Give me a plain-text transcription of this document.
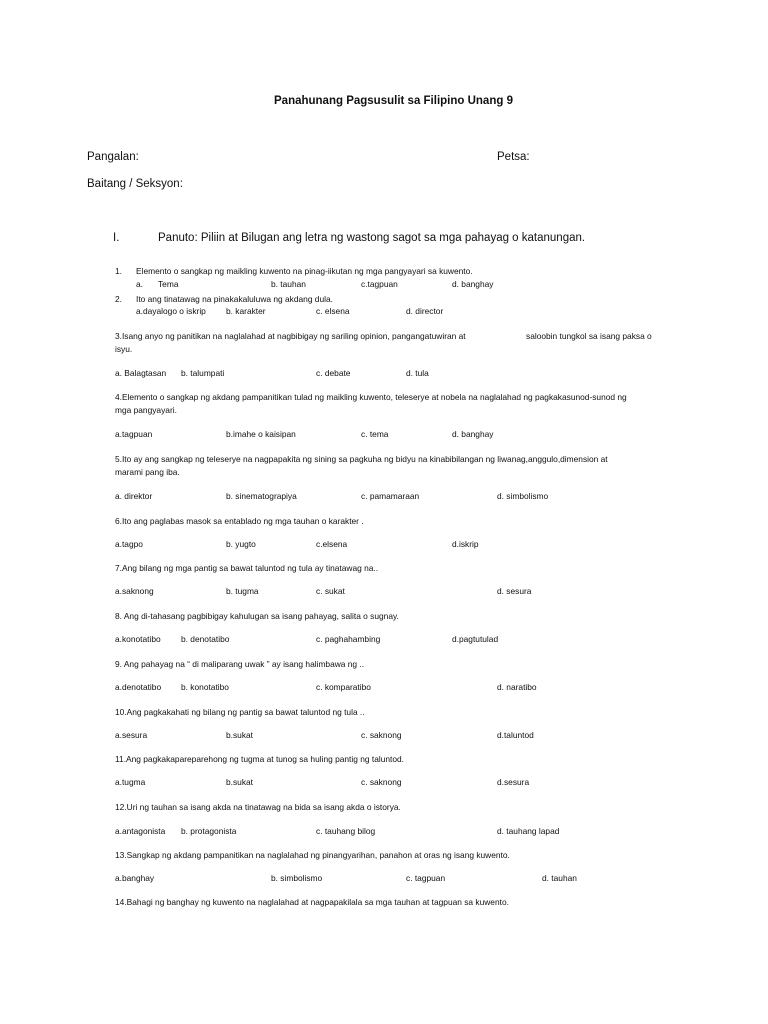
Panahunang Pagsusulit sa Filipino Unang 9
Pangalan:	Petsa:
Baitang / Seksyon:
I.	Panuto: Piliin at Bilugan ang letra ng wastong sagot sa mga pahayag o katanungan.
1. Elemento o sangkap ng maikling kuwento na pinag-iikutan ng mga pangyayari sa kuwento.
a. Tema	b. tauhan	c.tagpuan	d. banghay
2. Ito ang tinatawag na pinakakaluluwa ng akdang dula.
a.dayalogo o iskrip b. karakter	c. elsena	d. director
3.Isang anyo ng panitikan na naglalahad at nagbibigay ng sariling opinion, pangangatuwiran at	saloobin tungkol sa isang paksa o
isyu.
a. Balagtasan b. talumpati	c. debate	d. tula
4.Elemento o sangkap ng akdang pampanitikan tulad ng maikling kuwento, teleserye at nobela na naglalahad ng pagkakasunod-sunod ng
mga pangyayari.
a.tagpuan	b.imahe o kaisipan	c. tema	d. banghay
5.Ito ay ang sangkap ng teleserye na nagpapakita ng sining sa pagkuha ng bidyu na kinabibilangan ng liwanag,anggulo,dimension at
marami pang iba.
a. direktor	b. sinematograpiya	c. pamamaraan	d. simbolismo
6.Ito ang paglabas masok sa entablado ng mga tauhan o karakter .
a.tagpo	b. yugto	c.elsena	d.iskrip
7.Ang bilang ng mga pantig sa bawat taluntod ng tula ay tinatawag na..
a.saknong	b. tugma	c. sukat	d. sesura
8. Ang di-tahasang pagbibigay kahulugan sa isang pahayag, salita o sugnay.
a.konotatibo b. denotatibo	c. paghahambing	d.pagtutulad
9. Ang pahayag na “ di maliparang uwak ” ay isang halimbawa ng ..
a.denotatibo b. konotatibo	c. komparatibo	d. naratibo
10.Ang pagkakahati ng bilang ng pantig sa bawat taluntod ng tula ..
a.sesura	b.sukat	c. saknong	d.taluntod
11.Ang pagkakapareparehong ng tugma at tunog sa huling pantig ng taluntod.
a.tugma	b.sukat	c. saknong	d.sesura
12.Uri ng tauhan sa isang akda na tinatawag na bida sa isang akda o istorya.
a.antagonista b. protagonista	c. tauhang bilog	d. tauhang lapad
13.Sangkap ng akdang pampanitikan na naglalahad ng pinangyarihan, panahon at oras ng isang kuwento.
a.banghay	b. simbolismo	c. tagpuan	d. tauhan
14.Bahagi ng banghay ng kuwento na naglalahad at nagpapakilala sa mga tauhan at tagpuan sa kuwento.
